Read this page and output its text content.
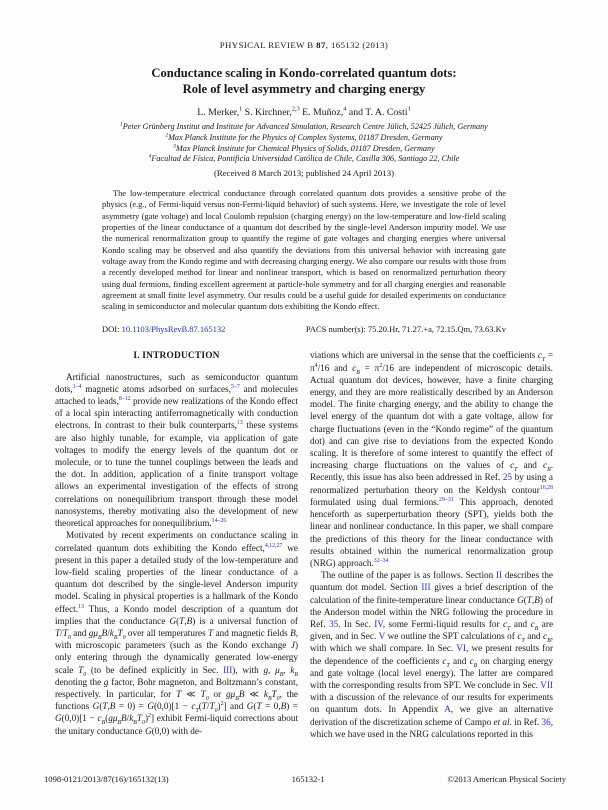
PHYSICAL REVIEW B 87, 165132 (2013)
Conductance scaling in Kondo-correlated quantum dots:
Role of level asymmetry and charging energy
L. Merker,$^1$ S. Kirchner,$^{2,3}$ E. Muñoz,$^4$ and T. A. Costi$^1$
$^1$Peter Grünberg Institut and Institute for Advanced Simulation, Research Centre Jülich, 52425 Jülich, Germany
$^2$Max Planck Institute for the Physics of Complex Systems, 01187 Dresden, Germany
$^3$Max Planck Institute for Chemical Physics of Solids, 01187 Dresden, Germany
$^4$Facultad de Física, Pontificia Universidad Católica de Chile, Casilla 306, Santiago 22, Chile
(Received 8 March 2013; published 24 April 2013)
The low-temperature electrical conductance through correlated quantum dots provides a sensitive probe of the physics (e.g., of Fermi-liquid versus non-Fermi-liquid behavior) of such systems. Here, we investigate the role of level asymmetry (gate voltage) and local Coulomb repulsion (charging energy) on the low-temperature and low-field scaling properties of the linear conductance of a quantum dot described by the single-level Anderson impurity model. We use the numerical renormalization group to quantify the regime of gate voltages and charging energies where universal Kondo scaling may be observed and also quantify the deviations from this universal behavior with increasing gate voltage away from the Kondo regime and with decreasing charging energy. We also compare our results with those from a recently developed method for linear and nonlinear transport, which is based on renormalized perturbation theory using dual fermions, finding excellent agreement at particle-hole symmetry and for all charging energies and reasonable agreement at small finite level asymmetry. Our results could be a useful guide for detailed experiments on conductance scaling in semiconductor and molecular quantum dots exhibiting the Kondo effect.
DOI: 10.1103/PhysRevB.87.165132	PACS number(s): 75.20.Hr, 71.27.+a, 72.15.Qm, 73.63.Kv
I. INTRODUCTION

Artificial nanostructures, such as semiconductor quantum dots,$^{1-4}$ magnetic atoms adsorbed on surfaces,$^{5-7}$ and molecules attached to leads,$^{8-12}$ provide new realizations of the Kondo effect of a local spin interacting antiferromagnetically with conduction electrons. In contrast to their bulk counterparts,$^{13}$ these systems are also highly tunable, for example, via application of gate voltages to modify the energy levels of the quantum dot or molecule, or to tune the tunnel couplings between the leads and the dot. In addition, application of a finite transport voltage allows an experimental investigation of the effects of strong correlations on nonequilibrium transport through these model nanosystems, thereby motivating also the development of new theoretical approaches for nonequilibrium.$^{14-26}$

Motivated by recent experiments on conductance scaling in correlated quantum dots exhibiting the Kondo effect,$^{4,12,27}$ we present in this paper a detailed study of the low-temperature and low-field scaling properties of the linear conductance of a quantum dot described by the single-level Anderson impurity model. Scaling in physical properties is a hallmark of the Kondo effect.$^{13}$ Thus, a Kondo model description of a quantum dot implies that the conductance G(T,B) is a universal function of $T/T_0$ and $g\mu_BB/k_BT_0$ over all temperatures T and magnetic fields B, with microscopic parameters (such as the Kondo exchange J) only entering through the dynamically generated low-energy scale $T_0$ (to be defined explicitly in Sec. III), with g, $\mu_B$, $k_B$ denoting the g factor, Bohr magneton, and Boltzmann’s constant, respectively. In particular, for T ≪ $T_0$ or $g\mu_BB$ ≪ $k_BT_0$, the functions $G(T,B = 0) = G(0,0)[1 - c_T(T/T_0)^2]$ and $G(T = 0,B) = G(0,0)[1 - c_B(g\mu_BB/k_BT_0)^2]$ exhibit Fermi-liquid corrections about the unitary conductance G(0,0) with de-

viations which are universal in the sense that the coefficients $c_T = \pi^4/16$ and $c_B = \pi^2/16$ are independent of microscopic details. Actual quantum dot devices, however, have a finite charging energy, and they are more realistically described by an Anderson model. The finite charging energy, and the ability to change the level energy of the quantum dot with a gate voltage, allow for charge fluctuations (even in the “Kondo regime” of the quantum dot) and can give rise to deviations from the expected Kondo scaling. It is therefore of some interest to quantify the effect of increasing charge fluctuations on the values of $c_T$ and $c_B$. Recently, this issue has also been addressed in Ref. 25 by using a renormalized perturbation theory on the Keldysh contour$^{16,28}$ formulated using dual fermions.$^{29-31}$ This approach, denoted henceforth as superperturbation theory (SPT), yields both the linear and nonlinear conductance. In this paper, we shall compare the predictions of this theory for the linear conductance with results obtained within the numerical renormalization group (NRG) approach.$^{32-34}$

The outline of the paper is as follows. Section II describes the quantum dot model. Section III gives a brief description of the calculation of the finite-temperature linear conductance G(T,B) of the Anderson model within the NRG following the procedure in Ref. 35. In Sec. IV, some Fermi-liquid results for $c_T$ and $c_B$ are given, and in Sec. V we outline the SPT calculations of $c_T$ and $c_B$, with which we shall compare. In Sec. VI, we present results for the dependence of the coefficients $c_T$ and $c_B$ on charging energy and gate voltage (local level energy). The latter are compared with the corresponding results from SPT. We conclude in Sec. VII with a discussion of the relevance of our results for experiments on quantum dots. In Appendix A, we give an alternative derivation of the discretization scheme of Campo et al. in Ref. 36, which we have used in the NRG calculations reported in this

1098-0121/2013/87(16)/165132(13)	165132-1	©2013 American Physical Society
